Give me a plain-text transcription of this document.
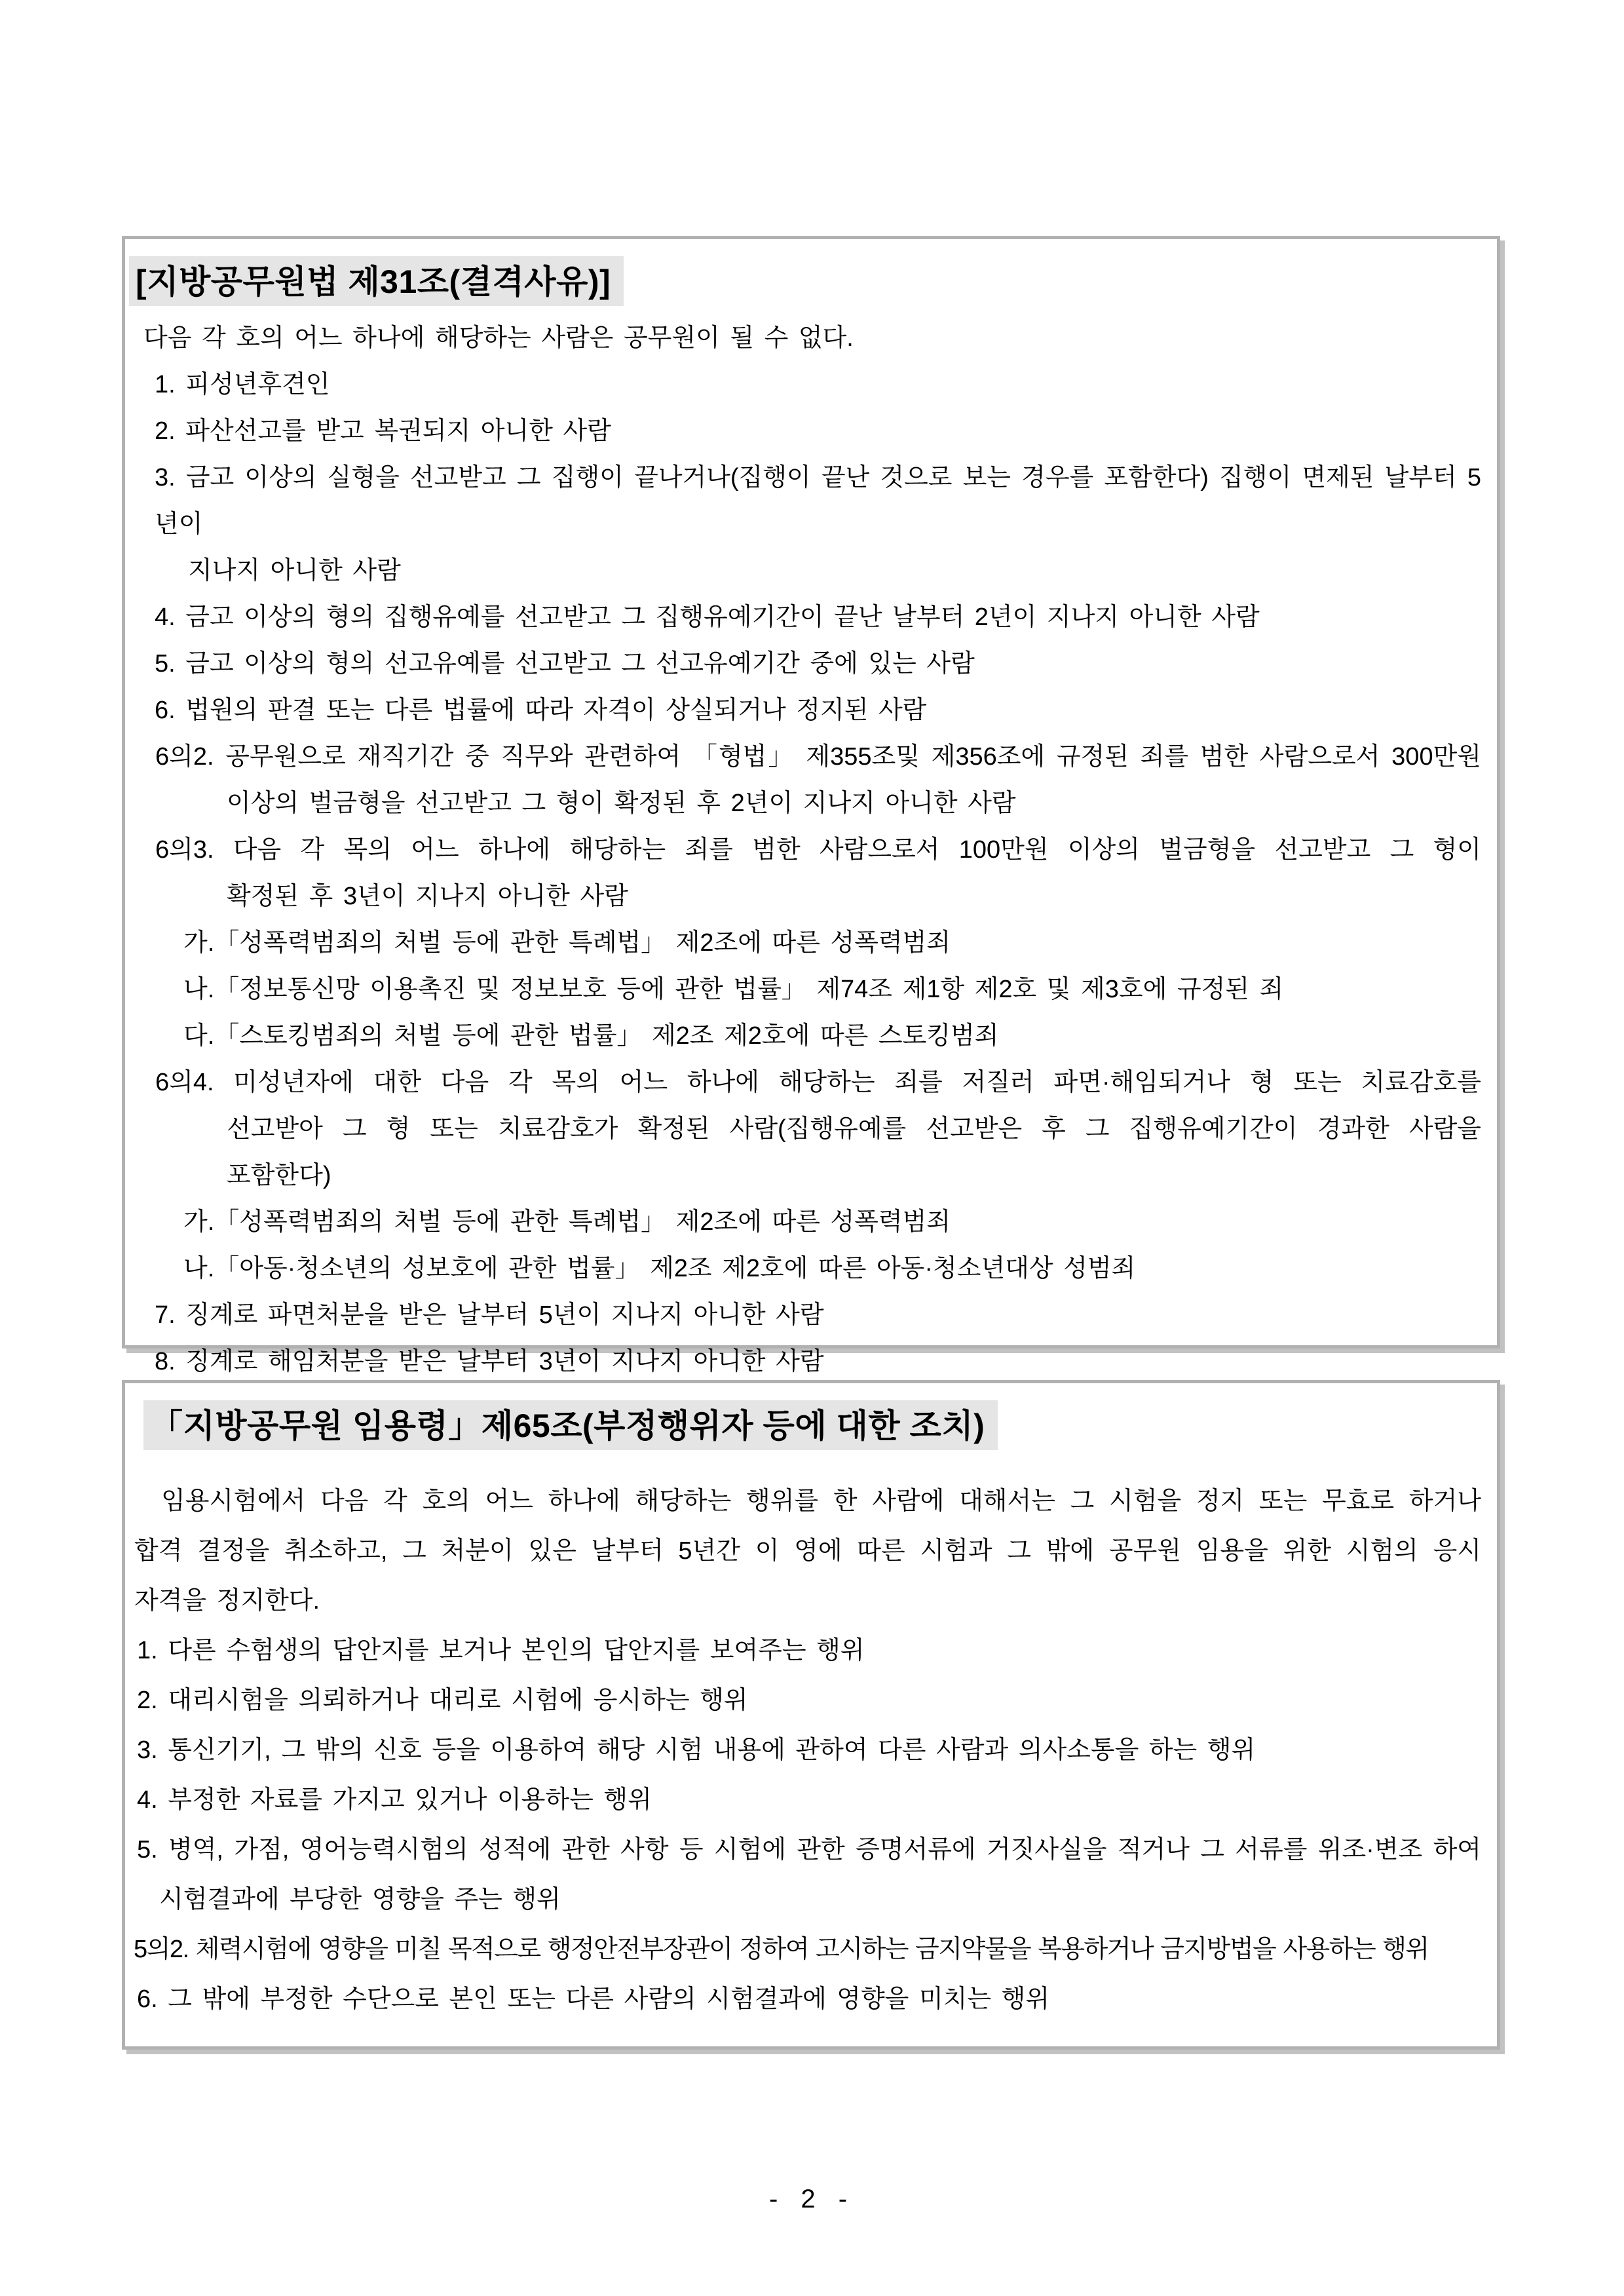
[지방공무원법 제31조(결격사유)]
다음 각 호의 어느 하나에 해당하는 사람은 공무원이 될 수 없다.
1. 피성년후견인
2. 파산선고를 받고 복권되지 아니한 사람
3. 금고 이상의 실형을 선고받고 그 집행이 끝나거나(집행이 끝난 것으로 보는 경우를 포함한다) 집행이 면제된 날부터 5년이
지나지 아니한 사람
4. 금고 이상의 형의 집행유예를 선고받고 그 집행유예기간이 끝난 날부터 2년이 지나지 아니한 사람
5. 금고 이상의 형의 선고유예를 선고받고 그 선고유예기간 중에 있는 사람
6. 법원의 판결 또는 다른 법률에 따라 자격이 상실되거나 정지된 사람
6의2. 공무원으로 재직기간 중 직무와 관련하여 「형법」 제355조및 제356조에 규정된 죄를 범한 사람으로서 300만원
이상의 벌금형을 선고받고 그 형이 확정된 후 2년이 지나지 아니한 사람
6의3. 다음 각 목의 어느 하나에 해당하는 죄를 범한 사람으로서 100만원 이상의 벌금형을 선고받고 그 형이
확정된 후 3년이 지나지 아니한 사람
가.「성폭력범죄의 처벌 등에 관한 특례법」 제2조에 따른 성폭력범죄
나.「정보통신망 이용촉진 및 정보보호 등에 관한 법률」 제74조 제1항 제2호 및 제3호에 규정된 죄
다.「스토킹범죄의 처벌 등에 관한 법률」 제2조 제2호에 따른 스토킹범죄
6의4. 미성년자에 대한 다음 각 목의 어느 하나에 해당하는 죄를 저질러 파면·해임되거나 형 또는 치료감호를
선고받아 그 형 또는 치료감호가 확정된 사람(집행유예를 선고받은 후 그 집행유예기간이 경과한 사람을
포함한다)
가.「성폭력범죄의 처벌 등에 관한 특례법」 제2조에 따른 성폭력범죄
나.「아동·청소년의 성보호에 관한 법률」 제2조 제2호에 따른 아동·청소년대상 성범죄
7. 징계로 파면처분을 받은 날부터 5년이 지나지 아니한 사람
8. 징계로 해임처분을 받은 날부터 3년이 지나지 아니한 사람
「지방공무원 임용령」제65조(부정행위자 등에 대한 조치)
임용시험에서 다음 각 호의 어느 하나에 해당하는 행위를 한 사람에 대해서는 그 시험을 정지 또는 무효로 하거나
합격 결정을 취소하고, 그 처분이 있은 날부터 5년간 이 영에 따른 시험과 그 밖에 공무원 임용을 위한 시험의 응시
자격을 정지한다.
1. 다른 수험생의 답안지를 보거나 본인의 답안지를 보여주는 행위
2. 대리시험을 의뢰하거나 대리로 시험에 응시하는 행위
3. 통신기기, 그 밖의 신호 등을 이용하여 해당 시험 내용에 관하여 다른 사람과 의사소통을 하는 행위
4. 부정한 자료를 가지고 있거나 이용하는 행위
5. 병역, 가점, 영어능력시험의 성적에 관한 사항 등 시험에 관한 증명서류에 거짓사실을 적거나 그 서류를 위조·변조 하여
시험결과에 부당한 영향을 주는 행위
5의2. 체력시험에 영향을 미칠 목적으로 행정안전부장관이 정하여 고시하는 금지약물을 복용하거나 금지방법을 사용하는 행위
6. 그 밖에 부정한 수단으로 본인 또는 다른 사람의 시험결과에 영향을 미치는 행위
- 2 -
